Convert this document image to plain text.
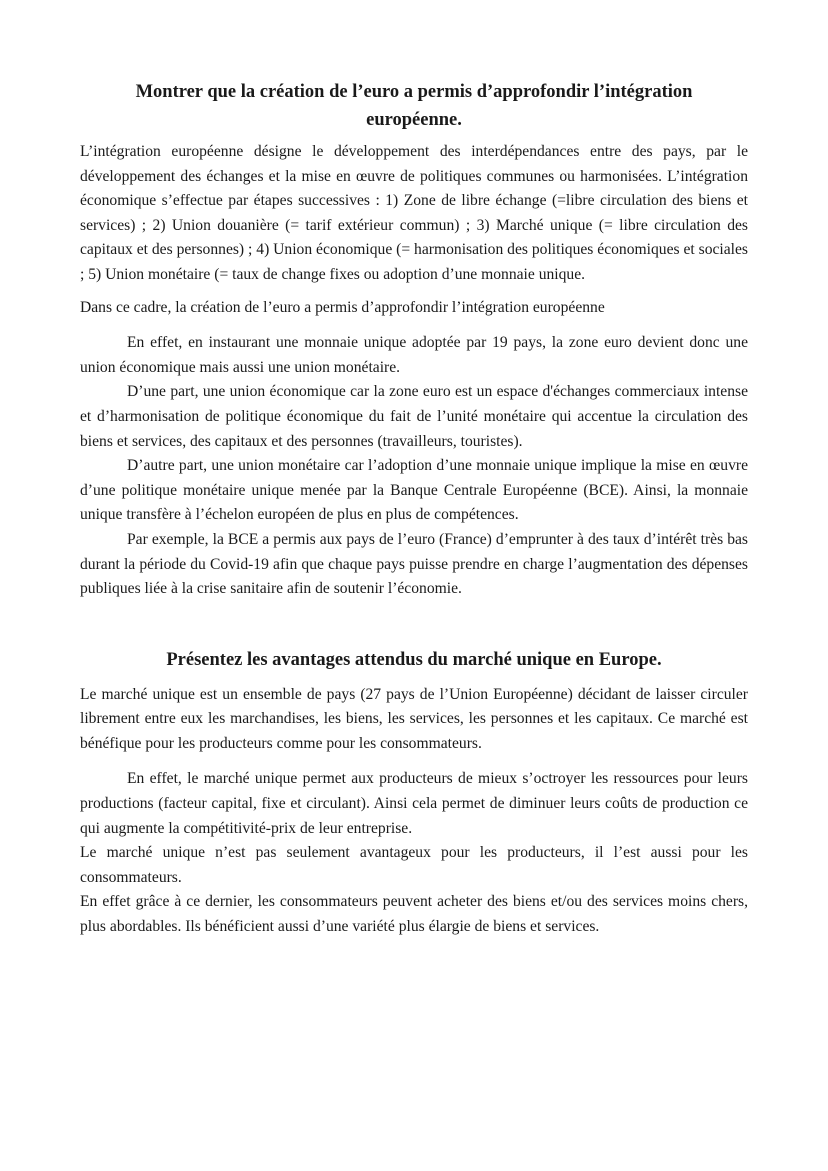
Montrer que la création de l’euro a permis d’approfondir l’intégration
européenne.

L’intégration européenne désigne le développement des interdépendances entre des pays, par le développement des échanges et la mise en œuvre de politiques communes ou harmonisées. L’intégration économique s’effectue par étapes successives : 1) Zone de libre échange (=libre circulation des biens et services) ; 2) Union douanière (= tarif extérieur commun) ; 3) Marché unique (= libre circulation des capitaux et des personnes) ; 4) Union économique (= harmonisation des politiques économiques et sociales ; 5) Union monétaire (= taux de change fixes ou adoption d’une monnaie unique.

Dans ce cadre, la création de l’euro a permis d’approfondir l’intégration européenne

En effet, en instaurant une monnaie unique adoptée par 19 pays, la zone euro devient donc une union économique mais aussi une union monétaire.

D’une part, une union économique car la zone euro est un espace d'échanges commerciaux intense et d’harmonisation de politique économique du fait de l’unité monétaire qui accentue la circulation des biens et services, des capitaux et des personnes (travailleurs, touristes).

D’autre part, une union monétaire car l’adoption d’une monnaie unique implique la mise en œuvre d’une politique monétaire unique menée par la Banque Centrale Européenne (BCE). Ainsi, la monnaie unique transfère à l’échelon européen de plus en plus de compétences.

Par exemple, la BCE a permis aux pays de l’euro (France) d’emprunter à des taux d’intérêt très bas durant la période du Covid-19 afin que chaque pays puisse prendre en charge l’augmentation des dépenses publiques liée à la crise sanitaire afin de soutenir l’économie.

Présentez les avantages attendus du marché unique en Europe.

Le marché unique est un ensemble de pays (27 pays de l’Union Européenne) décidant de laisser circuler librement entre eux les marchandises, les biens, les services, les personnes et les capitaux. Ce marché est bénéfique pour les producteurs comme pour les consommateurs.

En effet, le marché unique permet aux producteurs de mieux s’octroyer les ressources pour leurs productions (facteur capital, fixe et circulant). Ainsi cela permet de diminuer leurs coûts de production ce qui augmente la compétitivité-prix de leur entreprise.

Le marché unique n’est pas seulement avantageux pour les producteurs, il l’est aussi pour les consommateurs.

En effet grâce à ce dernier, les consommateurs peuvent acheter des biens et/ou des services moins chers, plus abordables. Ils bénéficient aussi d’une variété plus élargie de biens et services.
